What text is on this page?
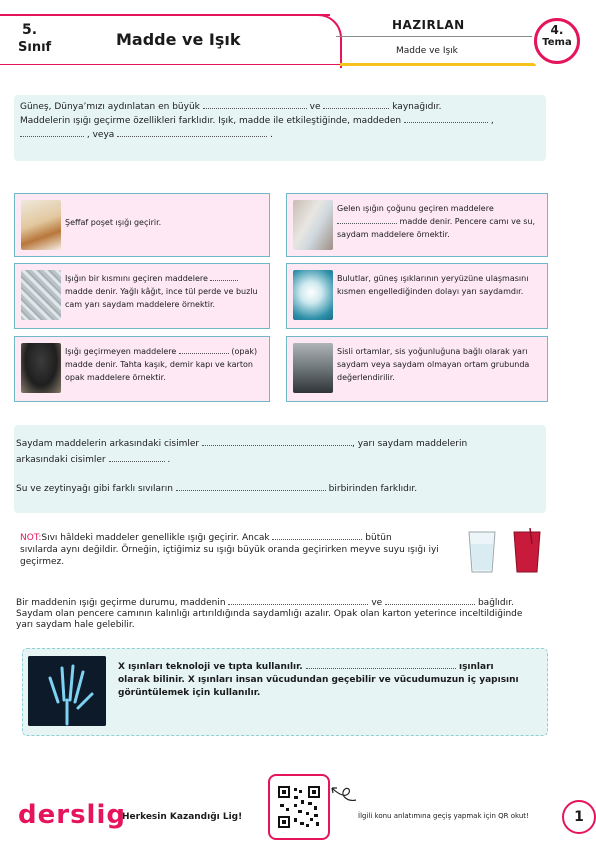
5.
Sınıf	Madde ve Işık
HAZIRLAN
Madde ve Işık
4.
Tema
Güneş, Dünya’mızı aydınlatan en büyük	ve	kaynağıdır.
Maddelerin ışığı geçirme özellikleri farklıdır. Işık, madde ile etkileştiğinde, maddeden	,
, veya	.
Şeffaf poşet ışığı geçirir.
Gelen ışığın çoğunu geçiren maddelere  madde denir. Pencere camı ve su, saydam maddelere örnektir.
Işığın bir kısmını geçiren maddelere  madde denir. Yağlı kâğıt, ince tül perde ve buzlu cam yarı saydam maddelere örnektir.
Bulutlar, güneş ışıklarının yeryüzüne ulaşmasını kısmen engellediğinden dolayı yarı saydamdır.
Işığı geçirmeyen maddelere	(opak) madde denir. Tahta kaşık, demir kapı ve karton opak maddelere örnektir.
Sisli ortamlar, sis yoğunluğuna bağlı olarak yarı saydam veya saydam olmayan ortam grubunda değerlendirilir.
Saydam maddelerin arkasındaki cisimler	, yarı saydam maddelerin
arkasındaki cisimler	.
Su ve zeytinyağı gibi farklı sıvıların	birbirinden farklıdır.
NOT:Sıvı hâldeki maddeler genellikle ışığı geçirir. Ancak	bütün
sıvılarda aynı değildir. Örneğin, içtiğimiz su ışığı büyük oranda geçirirken meyve suyu ışığı iyi geçirmez.
Bir maddenin ışığı geçirme durumu, maddenin	ve	bağlıdır.
Saydam olan pencere camının kalınlığı artırıldığında saydamlığı azalır. Opak olan karton yeterince inceltildiğinde yarı saydam hale gelebilir.
X ışınları teknoloji ve tıpta kullanılır.	ışınları olarak bilinir. X ışınları insan vücudundan geçebilir ve vücudumuzun iç yapısını görüntülemek için kullanılır.
derslig
Herkesin Kazandığı Lig!	İlgili konu anlatımına geçiş yapmak için QR okut!	1
